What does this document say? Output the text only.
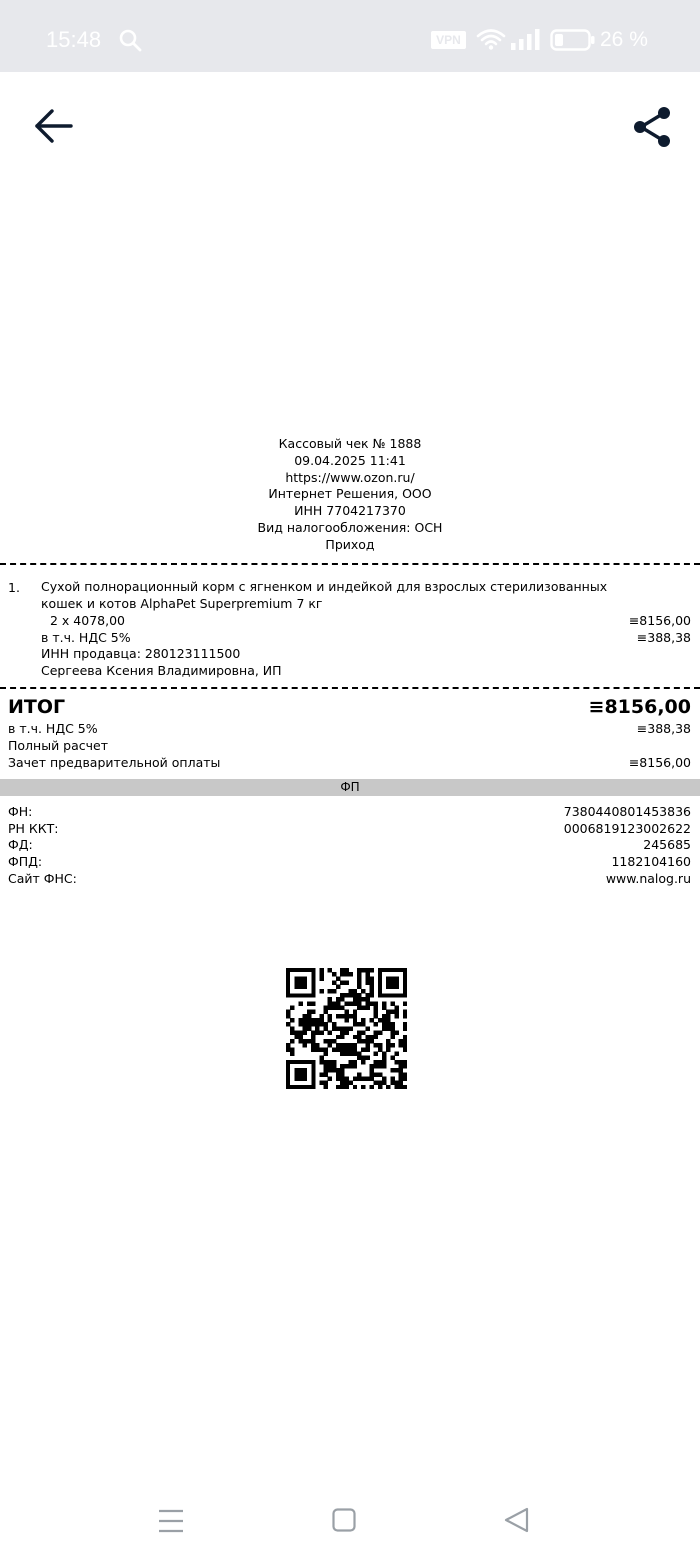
15:48	VPN	26 %
Кассовый чек № 1888
09.04.2025 11:41
https://www.ozon.ru/
Интернет Решения, ООО
ИНН 7704217370
Вид налогообложения: ОСН
Приход
1. Сухой полнорационный корм с ягненком и индейкой для взрослых стерилизованных кошек и котов AlphaPet Superpremium 7 кг
2 x 4078,00	≡8156,00
в т.ч. НДС 5%	≡388,38
ИНН продавца: 280123111500
Сергеева Ксения Владимировна, ИП
ИТОГ	≡8156,00
в т.ч. НДС 5%	≡388,38
Полный расчет
Зачет предварительной оплаты	≡8156,00
ФП
ФН:	7380440801453836
РН ККТ:	0006819123002622
ФД:	245685
ФПД:	1182104160
Сайт ФНС:	www.nalog.ru
